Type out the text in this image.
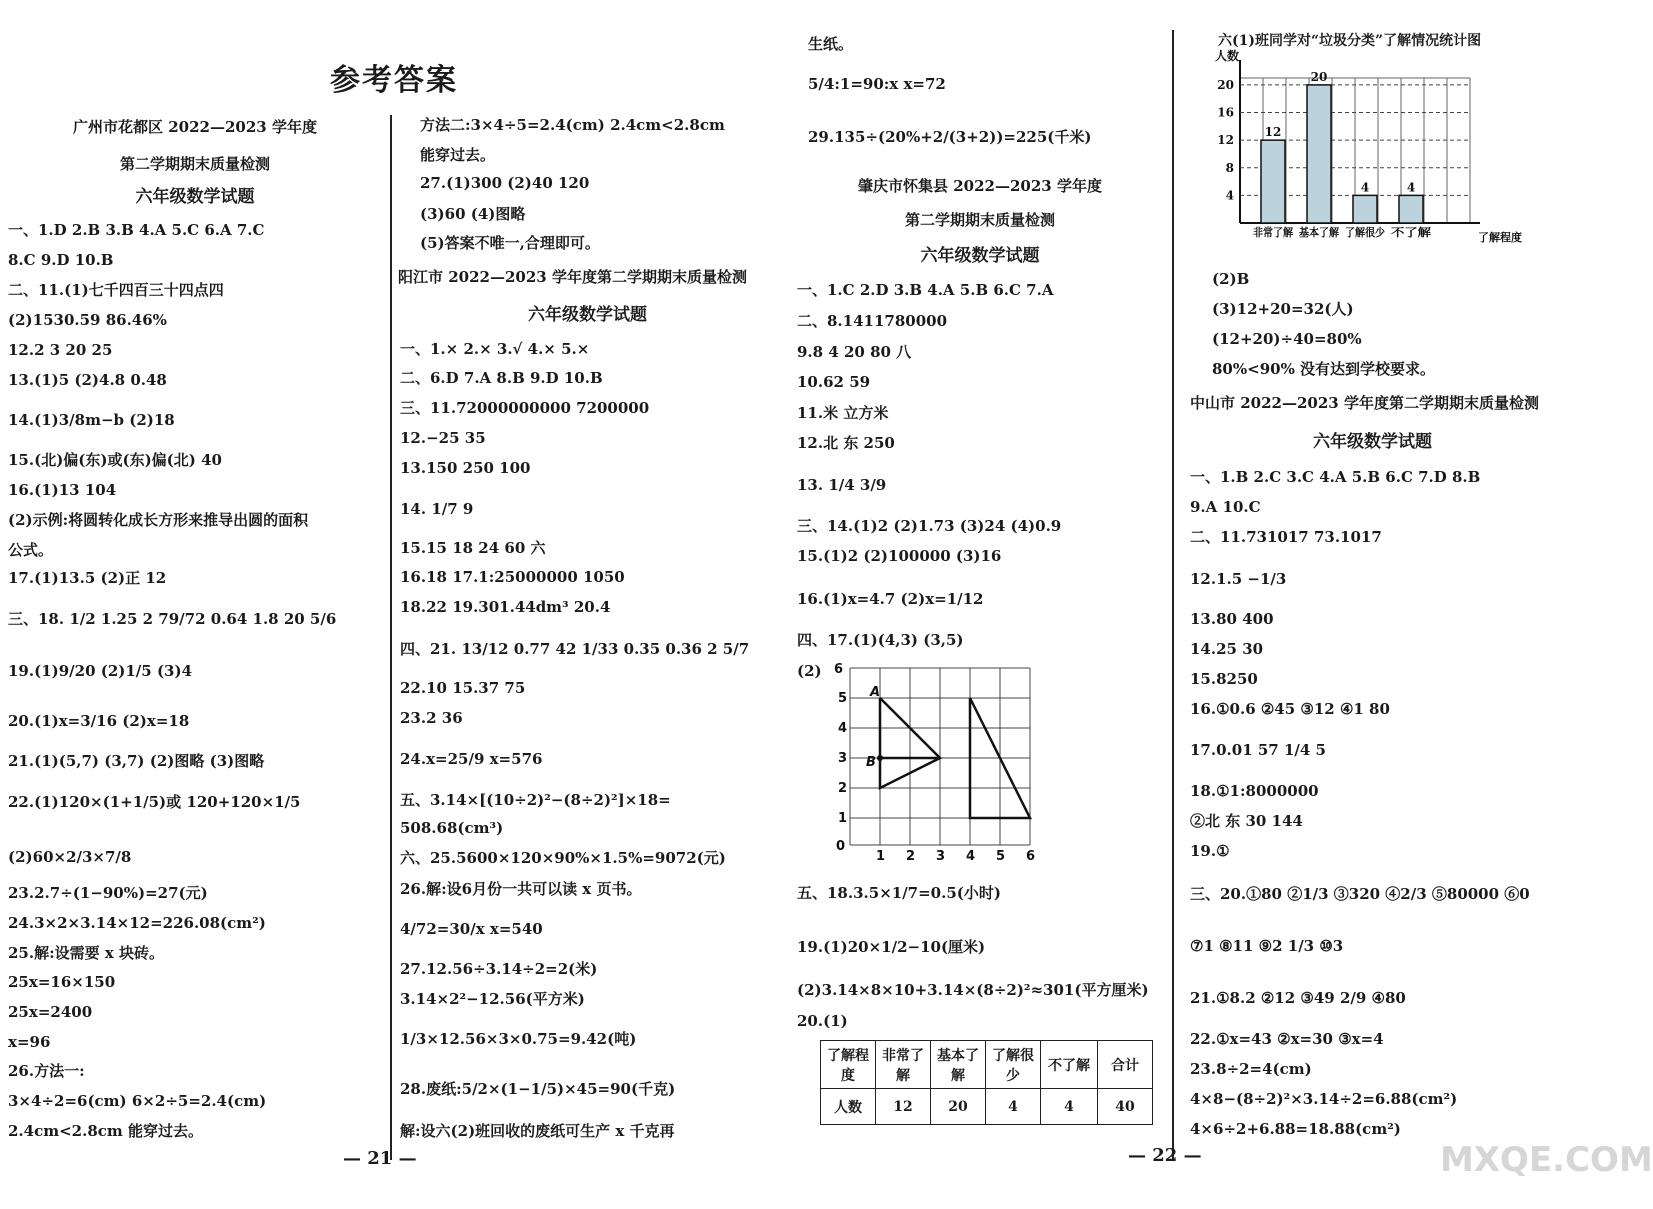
参考答案
广州市花都区 2022—2023 学年度
第二学期期末质量检测
六年级数学试题
一、1.D 2.B 3.B 4.A 5.C 6.A 7.C
8.C 9.D 10.B
二、11.(1)七千四百三十四点四
(2)1530.59 86.46%
12.2 3 20 25
13.(1)5 (2)4.8 0.48
14.(1)3/8m−b (2)18
15.(北)偏(东)或(东)偏(北) 40
16.(1)13 104
(2)示例:将圆转化成长方形来推导出圆的面积
公式。
17.(1)13.5 (2)正 12
三、18. 1/2 1.25 2 79/72 0.64 1.8 20 5/6
19.(1)9/20 (2)1/5 (3)4
20.(1)x=3/16 (2)x=18
21.(1)(5,7) (3,7) (2)图略 (3)图略
22.(1)120×(1+1/5)或 120+120×1/5
(2)60×2/3×7/8
23.2.7÷(1−90%)=27(元)
24.3×2×3.14×12=226.08(cm²)
25.解:设需要 x 块砖。
25x=16×150
25x=2400
x=96
26.方法一:
3×4÷2=6(cm) 6×2÷5=2.4(cm)
2.4cm<2.8cm 能穿过去。
方法二:3×4÷5=2.4(cm) 2.4cm<2.8cm
能穿过去。
27.(1)300 (2)40 120
(3)60 (4)图略
(5)答案不唯一,合理即可。
阳江市 2022—2023 学年度第二学期期末质量检测
六年级数学试题
一、1.× 2.× 3.√ 4.× 5.×
二、6.D 7.A 8.B 9.D 10.B
三、11.72000000000 7200000
12.−25 35
13.150 250 100
14. 1/7 9
15.15 18 24 60 六
16.18 17.1:25000000 1050
18.22 19.301.44dm³ 20.4
四、21. 13/12 0.77 42 1/33 0.35 0.36 2 5/7
22.10 15.37 75
23.2 36
24.x=25/9 x=576
五、3.14×[(10÷2)²−(8÷2)²]×18=
508.68(cm³)
六、25.5600×120×90%×1.5%=9072(元)
26.解:设6月份一共可以读 x 页书。
4/72=30/x x=540
27.12.56÷3.14÷2=2(米)
3.14×2²−12.56(平方米)
1/3×12.56×3×0.75=9.42(吨)
28.废纸:5/2×(1−1/5)×45=90(千克)
解:设六(2)班回收的废纸可生产 x 千克再
生纸。
5/4:1=90:x x=72
29.135÷(20%+2/(3+2))=225(千米)
肇庆市怀集县 2022—2023 学年度
第二学期期末质量检测
六年级数学试题
一、1.C 2.D 3.B 4.A 5.B 6.C 7.A
二、8.1411780000
9.8 4 20 80 八
10.62 59
11.米 立方米
12.北 东 250
13. 1/4 3/9
三、14.(1)2 (2)1.73 (3)24 (4)0.9
15.(1)2 (2)100000 (3)16
16.(1)x=4.7 (2)x=1/12
四、17.(1)(4,3) (3,5)
(2) 6
5
4
3
2
1
0
1 2 3 4 5 6
A
B
五、18.3.5×1/7=0.5(小时)
19.(1)20×1/2−10(厘米)
(2)3.14×8×10+3.14×(8÷2)²≈301(平方厘米)
20.(1)
了解程度	非常了解	基本了解	了解很少	不了解	合计
人数	12	20	4	4	40
六(1)班同学对“垃圾分类”了解情况统计图
人数
4
8
12
16
20
12
非常了解
20
基本了解
4
了解很少
4
不了解	了解程度
(2)B
(3)12+20=32(人)
(12+20)÷40=80%
80%<90% 没有达到学校要求。
中山市 2022—2023 学年度第二学期期末质量检测
六年级数学试题
一、1.B 2.C 3.C 4.A 5.B 6.C 7.D 8.B
9.A 10.C
二、11.731017 73.1017
12.1.5 −1/3
13.80 400
14.25 30
15.8250
16.①0.6 ②45 ③12 ④1 80
17.0.01 57 1/4 5
18.①1:8000000
②北 东 30 144
19.①
三、20.①80 ②1/3 ③320 ④2/3 ⑤80000 ⑥0
⑦1 ⑧11 ⑨2 1/3 ⑩3
21.①8.2 ②12 ③49 2/9 ④80
22.①x=43 ②x=30 ③x=4
23.8÷2=4(cm)
4×8−(8÷2)²×3.14÷2=6.88(cm²)
4×6÷2+6.88=18.88(cm²)
— 21 —	— 22 —	MXQE.COM
